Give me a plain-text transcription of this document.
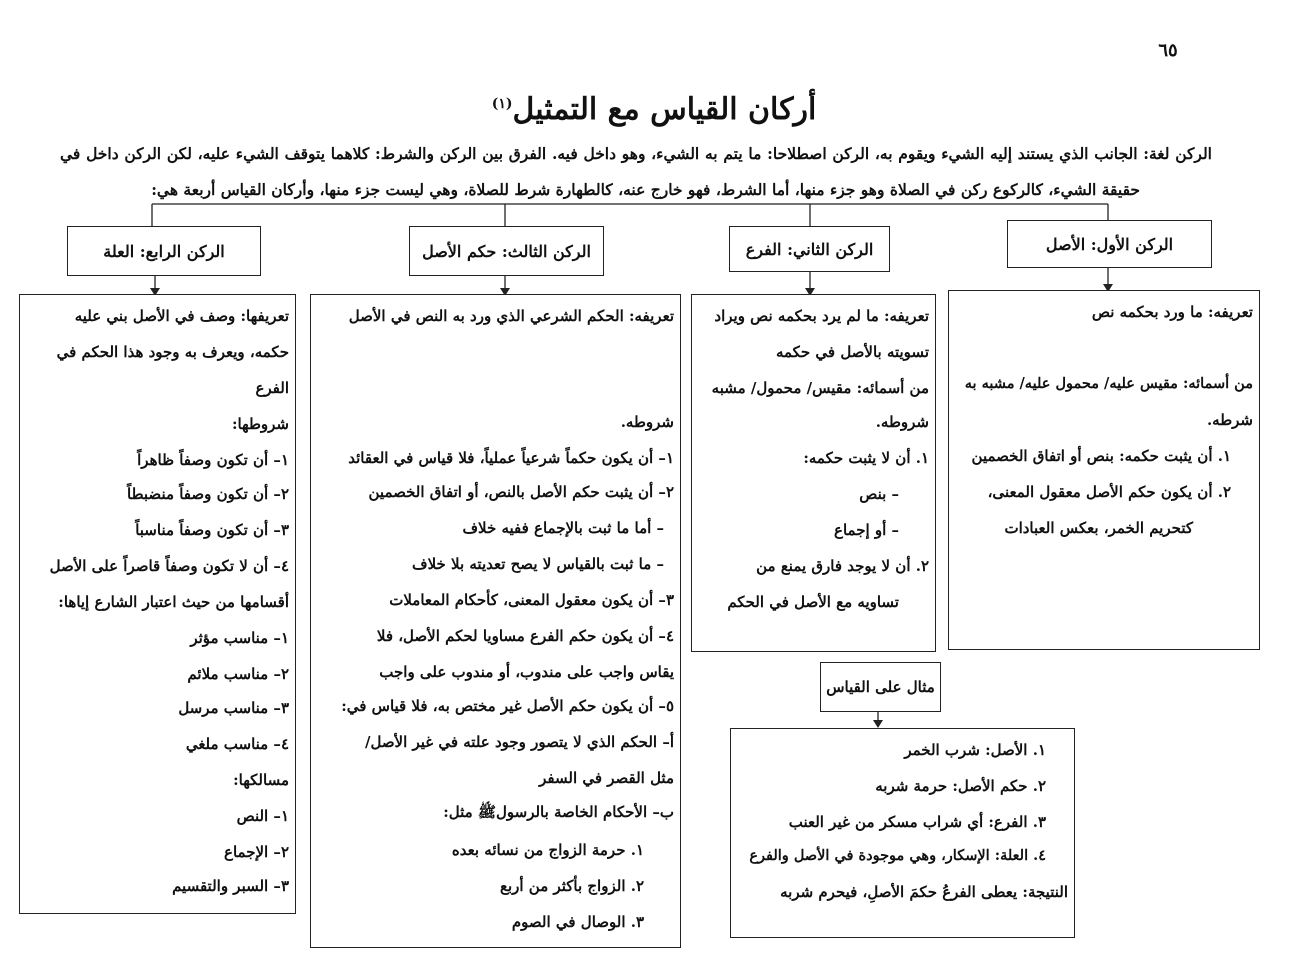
٦٥
أركان القياس مع التمثيل$^{(١)}$
الركن لغة: الجانب الذي يستند إليه الشيء ويقوم به، الركن اصطلاحا: ما يتم به الشيء، وهو داخل فيه. الفرق بين الركن والشرط: كلاهما يتوقف الشيء عليه، لكن الركن داخل في
حقيقة الشيء، كالركوع ركن في الصلاة وهو جزء منها، أما الشرط، فهو خارج عنه، كالطهارة شرط للصلاة، وهي ليست جزء منها، وأركان القياس أربعة هي:
الركن الأول: الأصل
الركن الثاني: الفرع
الركن الثالث: حكم الأصل
الركن الرابع: العلة
تعريفه: ما ورد بحكمه نص
من أسمائه: مقيس عليه/ محمول عليه/ مشبه به
شرطه.
١. أن يثبت حكمه: بنص أو اتفاق الخصمين
٢. أن يكون حكم الأصل معقول المعنى،
كتحريم الخمر، بعكس العبادات
تعريفه: ما لم يرد بحكمه نص ويراد
تسويته بالأصل في حكمه
من أسمائه: مقيس/ محمول/ مشبه
شروطه.
١. أن لا يثبت حكمه:
– بنص
– أو إجماع
٢. أن لا يوجد فارق يمنع من
تساويه مع الأصل في الحكم
تعريفه: الحكم الشرعي الذي ورد به النص في الأصل
شروطه.
١– أن يكون حكماً شرعياً عملياً، فلا قياس في العقائد
٢– أن يثبت حكم الأصل بالنص، أو اتفاق الخصمين
– أما ما ثبت بالإجماع ففيه خلاف
– ما ثبت بالقياس لا يصح تعديته بلا خلاف
٣– أن يكون معقول المعنى، كأحكام المعاملات
٤– أن يكون حكم الفرع مساويا لحكم الأصل، فلا
يقاس واجب على مندوب، أو مندوب على واجب
٥– أن يكون حكم الأصل غير مختص به، فلا قياس في:
أ– الحكم الذي لا يتصور وجود علته في غير الأصل/
مثل القصر في السفر
ب– الأحكام الخاصة بالرسولﷺ مثل:
١. حرمة الزواج من نسائه بعده
٢. الزواج بأكثر من أربع
٣. الوصال في الصوم
تعريفها: وصف في الأصل بني عليه
حكمه، ويعرف به وجود هذا الحكم في
الفرع
شروطها:
١– أن تكون وصفاً ظاهراً
٢– أن تكون وصفاً منضبطاً
٣– أن تكون وصفاً مناسباً
٤– أن لا تكون وصفاً قاصراً على الأصل
أقسامها من حيث اعتبار الشارع إياها:
١– مناسب مؤثر
٢– مناسب ملائم
٣– مناسب مرسل
٤– مناسب ملغي
مسالكها:
١– النص
٢– الإجماع
٣– السبر والتقسيم
مثال على القياس
١. الأصل: شرب الخمر
٢. حكم الأصل: حرمة شربه
٣. الفرع: أي شراب مسكر من غير العنب
٤. العلة: الإسكار، وهي موجودة في الأصل والفرع
النتيجة: يعطى الفرعُ حكمَ الأصلِ، فيحرم شربه
